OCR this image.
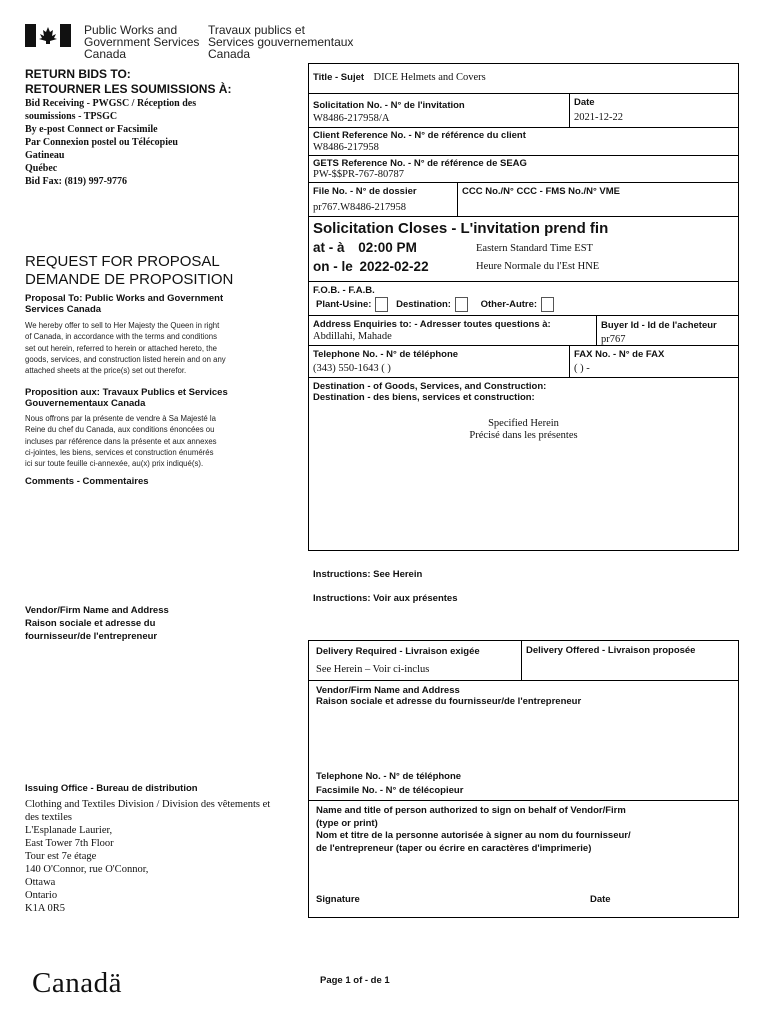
Public Works and
Government Services
Canada
Travaux publics et
Services gouvernementaux
Canada
RETURN BIDS TO:
RETOURNER LES SOUMISSIONS À:
Bid Receiving - PWGSC / Réception des
soumissions - TPSGC
By e-post Connect or Facsimile
Par Connexion postel ou Télécopieu
Gatineau
Québec
Bid Fax: (819) 997-9776
REQUEST FOR PROPOSAL
DEMANDE DE PROPOSITION
Proposal To: Public Works and Government Services Canada
We hereby offer to sell to Her Majesty the Queen in right
of Canada, in accordance with the terms and conditions
set out herein, referred to herein or attached hereto, the
goods, services, and construction listed herein and on any
attached sheets at the price(s) set out therefor.
Proposition aux: Travaux Publics et Services Gouvernementaux Canada
Nous offrons par la présente de vendre à Sa Majesté la
Reine du chef du Canada, aux conditions énoncées ou
incluses par référence dans la présente et aux annexes
ci-jointes, les biens, services et construction énumérés
ici sur toute feuille ci-annexée, au(x) prix indiqué(s).
Comments - Commentaires
Vendor/Firm Name and Address
Raison sociale et adresse du
fournisseur/de l'entrepreneur
Issuing Office - Bureau de distribution
Clothing and Textiles Division / Division des vêtements et
des textiles
L'Esplanade Laurier,
East Tower 7th Floor
Tour est 7e étage
140 O'Connor, rue O'Connor,
Ottawa
Ontario
K1A 0R5
Title - Sujet DICE Helmets and Covers
Solicitation No. - N° de l'invitation
W8486-217958/A
Date
2021-12-22
Client Reference No. - N° de référence du client
W8486-217958
GETS Reference No. - N° de référence de SEAG
PW-$$PR-767-80787
File No. - N° de dossier
pr767.W8486-217958
CCC No./N° CCC - FMS No./N° VME
Solicitation Closes - L'invitation prend fin
at - à 02:00 PM
on - le 2022-02-22
Eastern Standard Time EST
Heure Normale du l'Est HNE
F.O.B. - F.A.B.
Plant-Usine:	Destination:	Other-Autre:
Address Enquiries to: - Adresser toutes questions à:
Abdillahi, Mahade
Buyer Id - Id de l'acheteur
pr767
Telephone No. - N° de téléphone
(343) 550-1643 ( )
FAX No. - N° de FAX
( ) -
Destination - of Goods, Services, and Construction:
Destination - des biens, services et construction:
Specified Herein
Précisé dans les présentes
Instructions: See Herein
Instructions: Voir aux présentes
Delivery Required - Livraison exigée
See Herein – Voir ci-inclus
Delivery Offered - Livraison proposée
Vendor/Firm Name and Address
Raison sociale et adresse du fournisseur/de l'entrepreneur
Telephone No. - N° de téléphone
Facsimile No. - N° de télécopieur
Name and title of person authorized to sign on behalf of Vendor/Firm
(type or print)
Nom et titre de la personne autorisée à signer au nom du fournisseur/
de l'entrepreneur (taper ou écrire en caractères d'imprimerie)
Signature	Date
Canadä	Page 1 of - de 1
